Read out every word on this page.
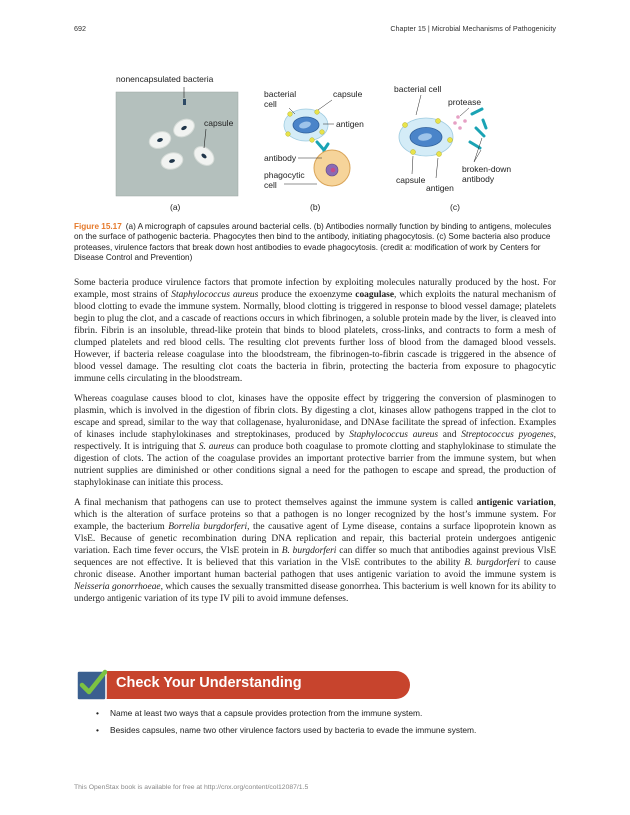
692	Chapter 15 | Microbial Mechanisms of Pathogenicity
nonencapsulated bacteria
capsule
(a)
bacterial
cell
capsule
antigen
antibody
phagocytic
cell
(b)
bacterial cell
protease
capsule
antigen
broken-down
antibody
(c)
Figure 15.17 (a) A micrograph of capsules around bacterial cells. (b) Antibodies normally function by binding to antigens, molecules on the surface of pathogenic bacteria. Phagocytes then bind to the antibody, initiating phagocytosis. (c) Some bacteria also produce proteases, virulence factors that break down host antibodies to evade phagocytosis. (credit a: modification of work by Centers for Disease Control and Prevention)

Some bacteria produce virulence factors that promote infection by exploiting molecules naturally produced by the host. For example, most strains of Staphylococcus aureus produce the exoenzyme coagulase, which exploits the natural mechanism of blood clotting to evade the immune system. Normally, blood clotting is triggered in response to blood vessel damage; platelets begin to plug the clot, and a cascade of reactions occurs in which fibrinogen, a soluble protein made by the liver, is cleaved into fibrin. Fibrin is an insoluble, thread-like protein that binds to blood platelets, cross-links, and contracts to form a mesh of clumped platelets and red blood cells. The resulting clot prevents further loss of blood from the damaged blood vessels. However, if bacteria release coagulase into the bloodstream, the fibrinogen-to-fibrin cascade is triggered in the absence of blood vessel damage. The resulting clot coats the bacteria in fibrin, protecting the bacteria from exposure to phagocytic immune cells circulating in the bloodstream.

Whereas coagulase causes blood to clot, kinases have the opposite effect by triggering the conversion of plasminogen to plasmin, which is involved in the digestion of fibrin clots. By digesting a clot, kinases allow pathogens trapped in the clot to escape and spread, similar to the way that collagenase, hyaluronidase, and DNAse facilitate the spread of infection. Examples of kinases include staphylokinases and streptokinases, produced by Staphylococcus aureus and Streptococcus pyogenes, respectively. It is intriguing that S. aureus can produce both coagulase to promote clotting and staphylokinase to stimulate the digestion of clots. The action of the coagulase provides an important protective barrier from the immune system, but when nutrient supplies are diminished or other conditions signal a need for the pathogen to escape and spread, the production of staphylokinase can initiate this process.

A final mechanism that pathogens can use to protect themselves against the immune system is called antigenic variation, which is the alteration of surface proteins so that a pathogen is no longer recognized by the host’s immune system. For example, the bacterium Borrelia burgdorferi, the causative agent of Lyme disease, contains a surface lipoprotein known as VlsE. Because of genetic recombination during DNA replication and repair, this bacterial protein undergoes antigenic variation. Each time fever occurs, the VlsE protein in B. burgdorferi can differ so much that antibodies against previous VlsE sequences are not effective. It is believed that this variation in the VlsE contributes to the ability B. burgdorferi to cause chronic disease. Another important human bacterial pathogen that uses antigenic variation to avoid the immune system is Neisseria gonorrhoeae, which causes the sexually transmitted disease gonorrhea. This bacterium is well known for its ability to undergo antigenic variation of its type IV pili to avoid immune defenses.

Check Your Understanding
• Name at least two ways that a capsule provides protection from the immune system.
• Besides capsules, name two other virulence factors used by bacteria to evade the immune system.
This OpenStax book is available for free at http://cnx.org/content/col12087/1.5
